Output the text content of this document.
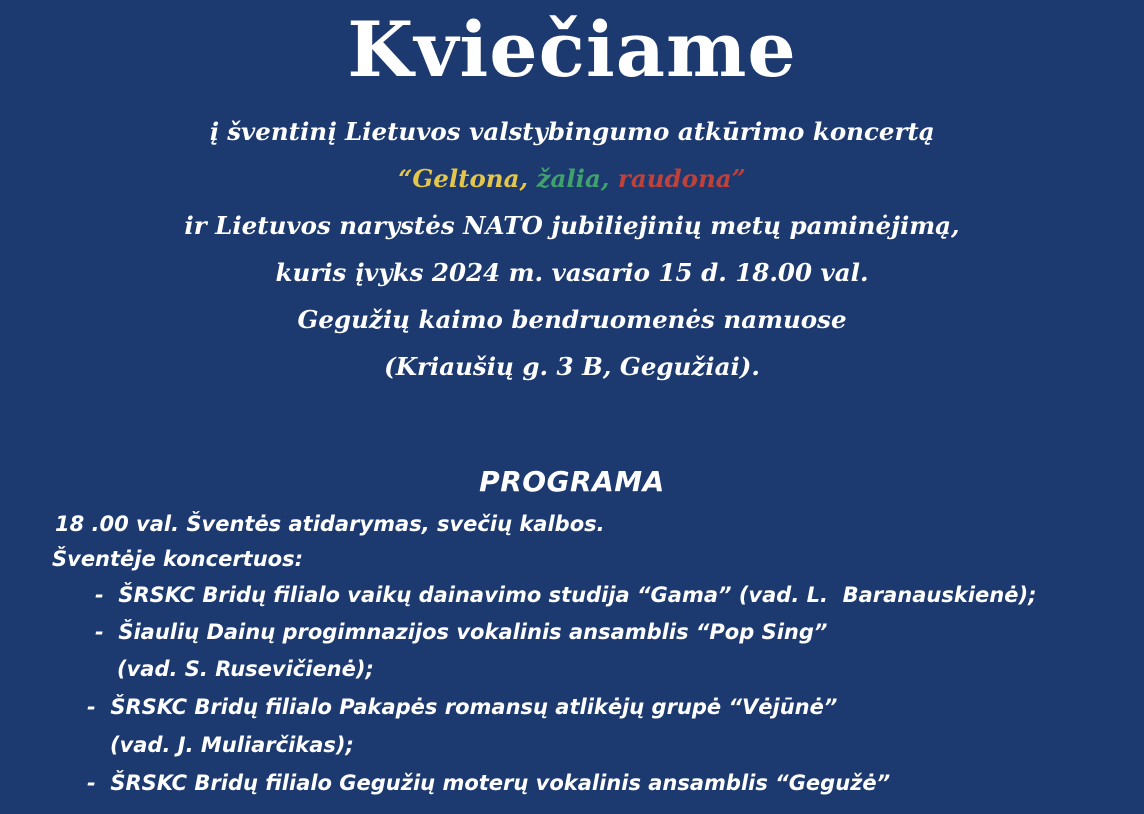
Kviečiame
į šventinį Lietuvos valstybingumo atkūrimo koncertą
“Geltona, žalia, raudona”
ir Lietuvos narystės NATO jubiliejinių metų paminėjimą,
kuris įvyks 2024 m. vasario 15 d. 18.00 val.
Gegužių kaimo bendruomenės namuose
(Kriaušių g. 3 B, Gegužiai).
PROGRAMA
18 .00 val. Šventės atidarymas, svečių kalbos.
Šventėje koncertuos:
-  ŠRSKC Bridų filialo vaikų dainavimo studija “Gama” (vad. L.  Baranauskienė);
-  Šiaulių Dainų progimnazijos vokalinis ansamblis “Pop Sing”
(vad. S. Rusevičienė);
-  ŠRSKC Bridų filialo Pakapės romansų atlikėjų grupė “Vėjūnė”
(vad. J. Muliarčikas);
-  ŠRSKC Bridų filialo Gegužių moterų vokalinis ansamblis “Gegužė”
